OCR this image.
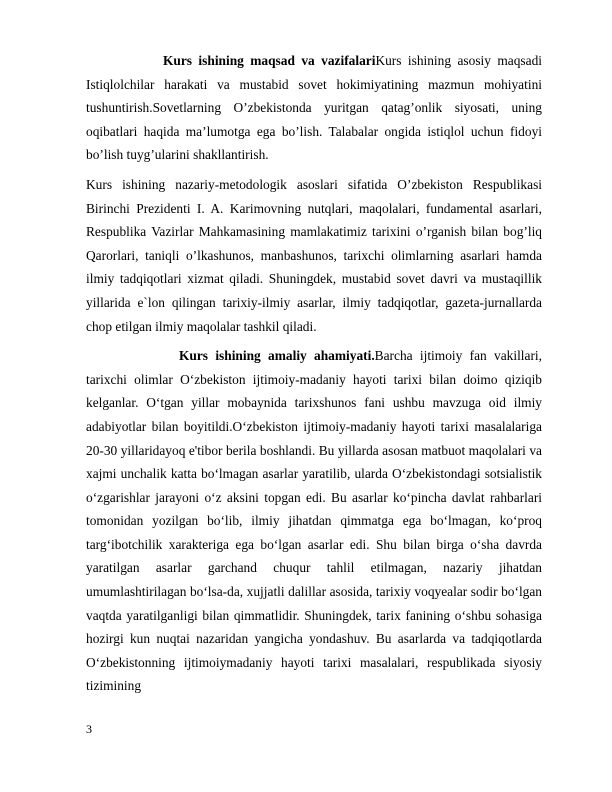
Kurs ishining maqsad va vazifalariKurs ishining asosiy maqsadi Istiqlolchilar harakati va mustabid sovet hokimiyatining mazmun mohiyatini tushuntirish.Sovetlarning O’zbekistonda yuritgan qatag’onlik siyosati, uning oqibatlari haqida ma’lumotga ega bo’lish. Talabalar ongida istiqlol uchun fidoyi bo’lish tuyg’ularini shakllantirish.

Kurs ishining nazariy-metodologik asoslari sifatida O’zbekiston Respublikasi Birinchi Prezidenti I. A. Karimovning nutqlari, maqolalari, fundamental asarlari, Respublika Vazirlar Mahkamasining mamlakatimiz tarixini o’rganish bilan bog’liq Qarorlari, taniqli o’lkashunos, manbashunos, tarixchi olimlarning asarlari hamda ilmiy tadqiqotlari xizmat qiladi. Shuningdek, mustabid sovet davri va mustaqillik yillarida e`lon qilingan tarixiy-ilmiy asarlar, ilmiy tadqiqotlar, gazeta-jurnallarda chop etilgan ilmiy maqolalar tashkil qiladi.

Kurs ishining amaliy ahamiyati.Barcha ijtimoiy fan vakillari, tarixchi olimlar O‘zbekiston ijtimoiy-madaniy hayoti tarixi bilan doimo qiziqib kelganlar. O‘tgan yillar mobaynida tarixshunos fani ushbu mavzuga oid ilmiy adabiyotlar bilan boyitildi.O‘zbekiston ijtimoiy-madaniy hayoti tarixi masalalariga 20-30 yillaridayoq e'tibor berila boshlandi. Bu yillarda asosan matbuot maqolalari va xajmi unchalik katta bo‘lmagan asarlar yaratilib, ularda O‘zbekistondagi sotsialistik o‘zgarishlar jarayoni o‘z aksini topgan edi. Bu asarlar ko‘pincha davlat rahbarlari tomonidan yozilgan bo‘lib, ilmiy jihatdan qimmatga ega bo‘lmagan, ko‘proq targ‘ibotchilik xarakteriga ega bo‘lgan asarlar edi. Shu bilan birga o‘sha davrda yaratilgan asarlar garchand chuqur tahlil etilmagan, nazariy jihatdan umumlashtirilagan bo‘lsa-da, xujjatli dalillar asosida, tarixiy voqyealar sodir bo‘lgan vaqtda yaratilganligi bilan qimmatlidir. Shuningdek, tarix fanining o‘shbu sohasiga hozirgi kun nuqtai nazaridan yangicha yondashuv. Bu asarlarda va tadqiqotlarda O‘zbekistonning ijtimoiymadaniy hayoti tarixi masalalari, respublikada siyosiy tizimining

3
